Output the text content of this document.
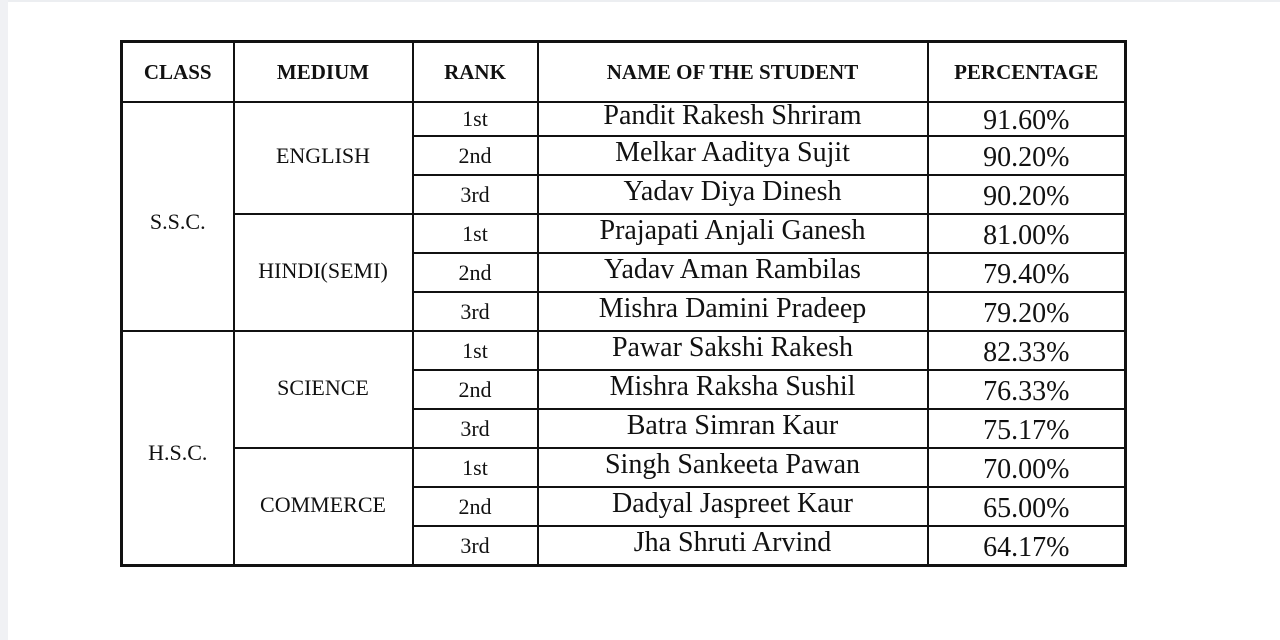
CLASS	MEDIUM	RANK	NAME OF THE STUDENT	PERCENTAGE
S.S.C.	ENGLISH	1st	Pandit Rakesh Shriram	91.60%
		2nd	Melkar Aaditya Sujit	90.20%
		3rd	Yadav Diya Dinesh	90.20%
	HINDI(SEMI)	1st	Prajapati Anjali Ganesh	81.00%
		2nd	Yadav Aman Rambilas	79.40%
		3rd	Mishra Damini Pradeep	79.20%
H.S.C.	SCIENCE	1st	Pawar Sakshi Rakesh	82.33%
		2nd	Mishra Raksha Sushil	76.33%
		3rd	Batra Simran Kaur	75.17%
	COMMERCE	1st	Singh Sankeeta Pawan	70.00%
		2nd	Dadyal Jaspreet Kaur	65.00%
		3rd	Jha Shruti Arvind	64.17%
